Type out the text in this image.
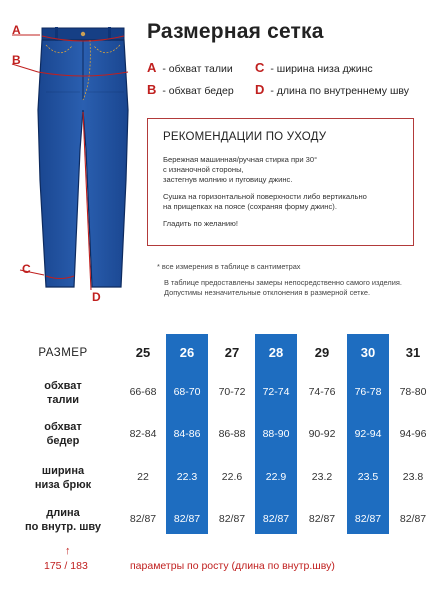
A
B
C
D
Размерная сетка
A - обхват талии
B - обхват бедер
C - ширина низа джинс
D - длина по внутреннему шву
РЕКОМЕНДАЦИИ ПО УХОДУ
Бережная машинная/ручная стирка при 30°
с изнаночной стороны,
застегнув молнию и пуговицу джинс.
Сушка на горизонтальной поверхности либо вертикально
на прищепках на поясе (сохраняя форму джинс).
Гладить по желанию!
* все измерения в таблице в сантиметрах
В таблице предоставлены замеры непосредственно самого изделия. Допустимы незначительные отклонения в размерной сетке.
РАЗМЕР	25	26	27	28	29	30	31
обхват
талии
66-68	68-70	70-72	72-74	74-76	76-78	78-80
обхват
бедер
82-84	84-86	86-88	88-90	90-92	92-94	94-96
ширина
низа брюк
22	22.3	22.6	22.9	23.2	23.5	23.8
длина
по внутр. шву
82/87	82/87	82/87	82/87	82/87	82/87	82/87
↑
175 / 183	параметры по росту (длина по внутр.шву)
